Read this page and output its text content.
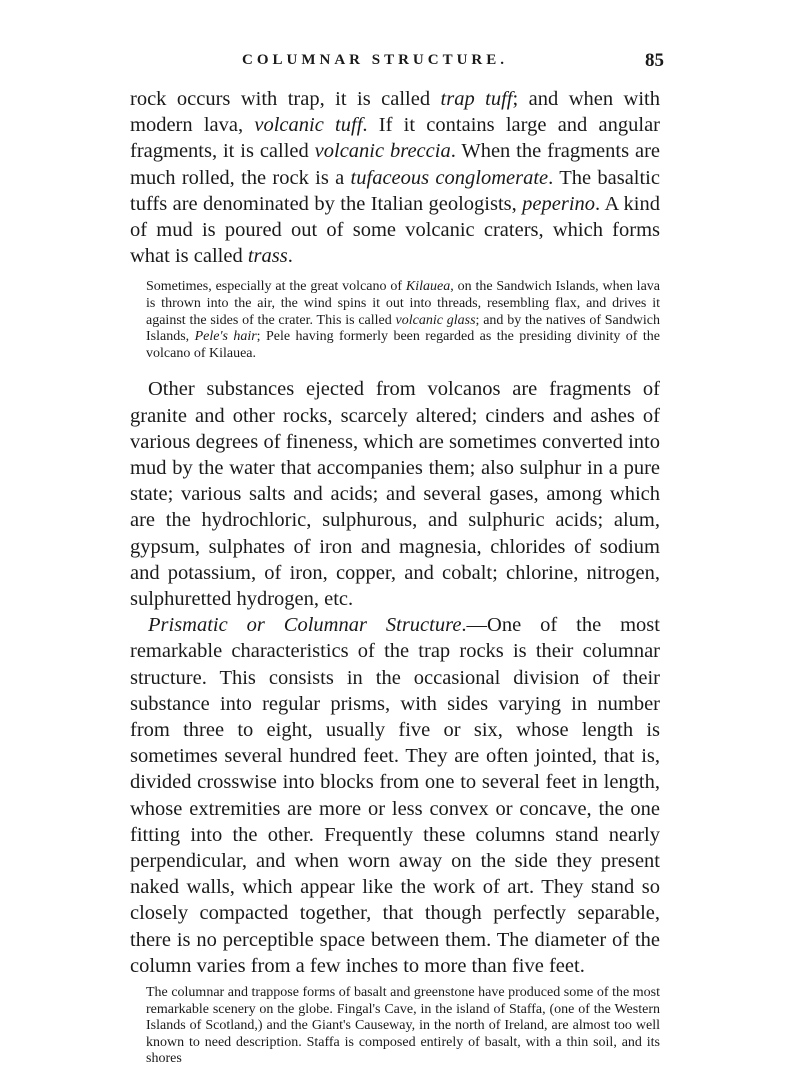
COLUMNAR STRUCTURE.	85

rock occurs with trap, it is called trap tuff; and when with modern lava, volcanic tuff. If it contains large and angular fragments, it is called volcanic breccia. When the fragments are much rolled, the rock is a tufaceous conglomerate. The basaltic tuffs are denominated by the Italian geologists, peperino. A kind of mud is poured out of some volcanic craters, which forms what is called trass.

Sometimes, especially at the great volcano of Kilauea, on the Sandwich Islands, when lava is thrown into the air, the wind spins it out into threads, resembling flax, and drives it against the sides of the crater. This is called volcanic glass; and by the natives of Sandwich Islands, Pele's hair; Pele having formerly been regarded as the presiding divinity of the volcano of Kilauea.

Other substances ejected from volcanos are fragments of granite and other rocks, scarcely altered; cinders and ashes of various degrees of fineness, which are sometimes converted into mud by the water that accompanies them; also sulphur in a pure state; various salts and acids; and several gases, among which are the hydrochloric, sulphurous, and sulphuric acids; alum, gypsum, sulphates of iron and magnesia, chlorides of sodium and potassium, of iron, copper, and cobalt; chlorine, nitrogen, sulphuretted hydrogen, etc.

Prismatic or Columnar Structure.—One of the most remarkable characteristics of the trap rocks is their columnar structure. This consists in the occasional division of their substance into regular prisms, with sides varying in number from three to eight, usually five or six, whose length is sometimes several hundred feet. They are often jointed, that is, divided crosswise into blocks from one to several feet in length, whose extremities are more or less convex or concave, the one fitting into the other. Frequently these columns stand nearly perpendicular, and when worn away on the side they present naked walls, which appear like the work of art. They stand so closely compacted together, that though perfectly separable, there is no perceptible space between them. The diameter of the column varies from a few inches to more than five feet.

The columnar and trappose forms of basalt and greenstone have produced some of the most remarkable scenery on the globe. Fingal's Cave, in the island of Staffa, (one of the Western Islands of Scotland,) and the Giant's Causeway, in the north of Ireland, are almost too well known to need description. Staffa is composed entirely of basalt, with a thin soil, and its shores
